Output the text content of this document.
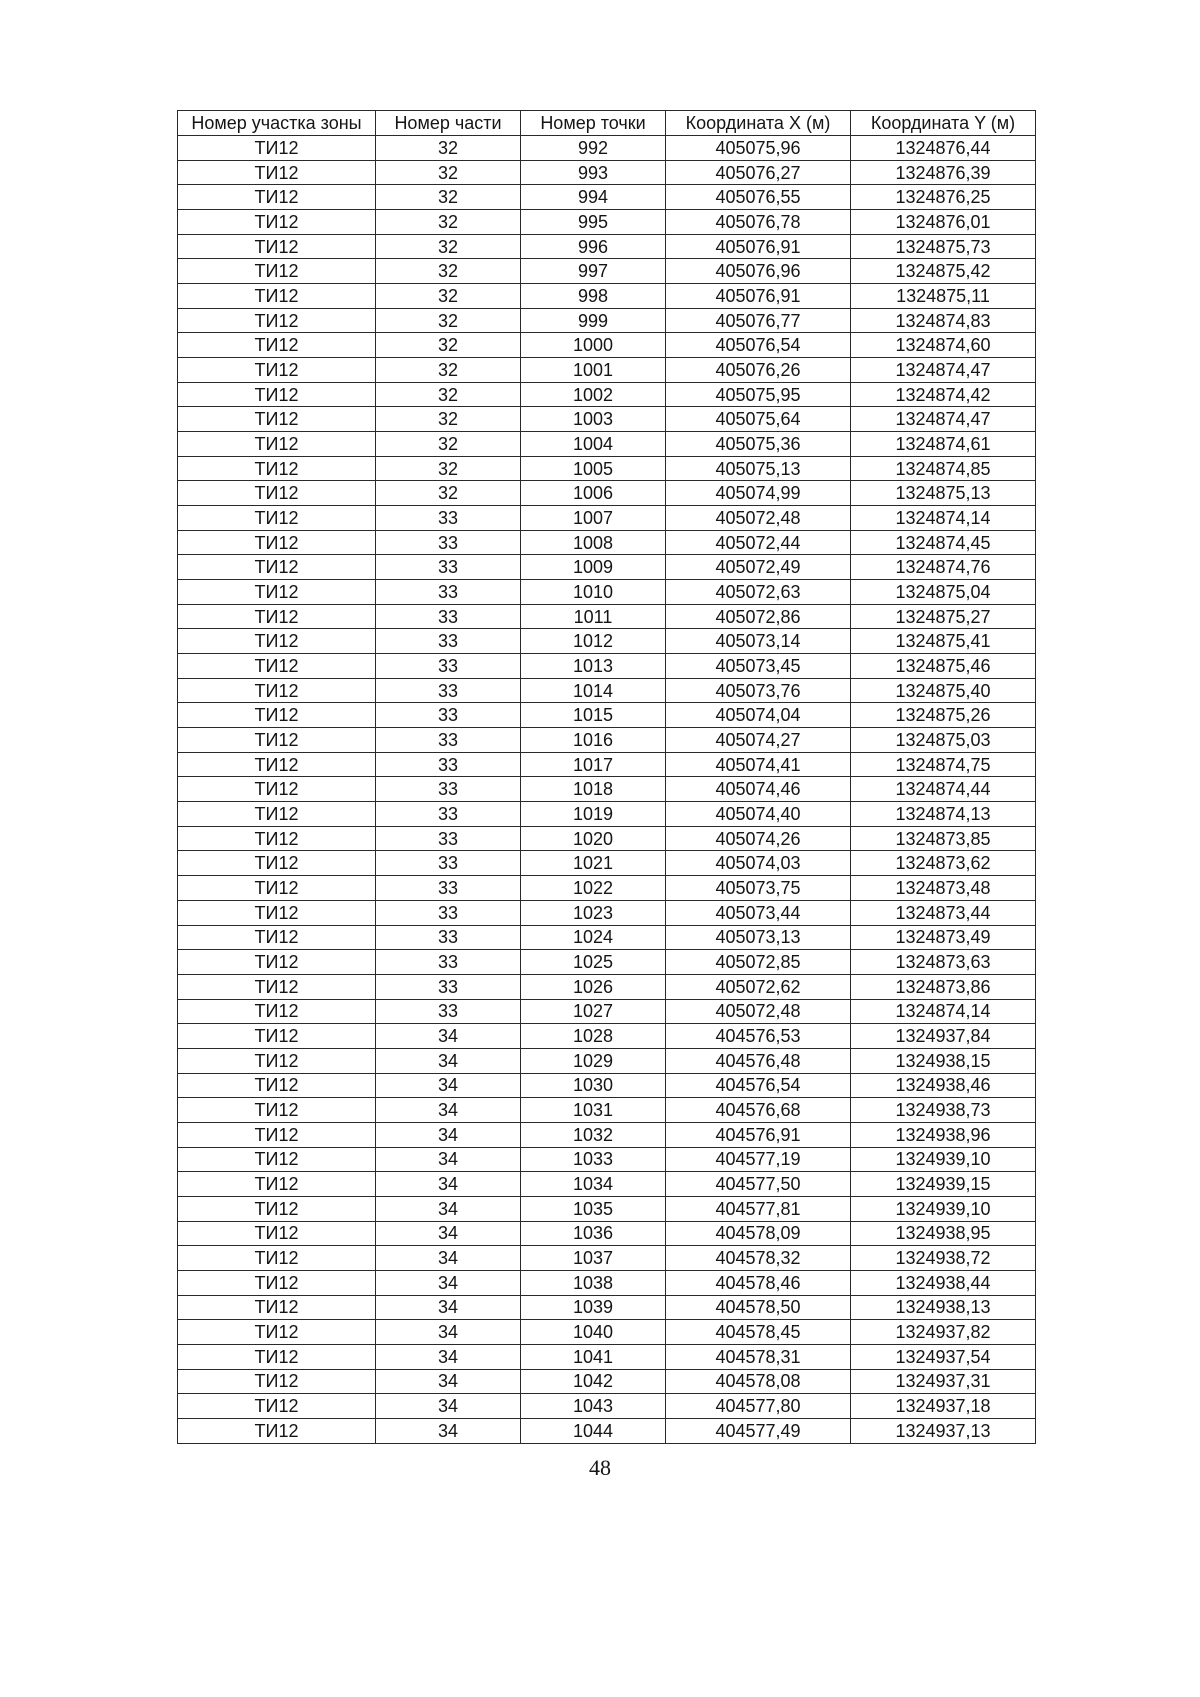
Номер участка зоны	Номер части	Номер точки	Координата X (м)	Координата Y (м)
ТИ12	32	992	405075,96	1324876,44
ТИ12	32	993	405076,27	1324876,39
ТИ12	32	994	405076,55	1324876,25
ТИ12	32	995	405076,78	1324876,01
ТИ12	32	996	405076,91	1324875,73
ТИ12	32	997	405076,96	1324875,42
ТИ12	32	998	405076,91	1324875,11
ТИ12	32	999	405076,77	1324874,83
ТИ12	32	1000	405076,54	1324874,60
ТИ12	32	1001	405076,26	1324874,47
ТИ12	32	1002	405075,95	1324874,42
ТИ12	32	1003	405075,64	1324874,47
ТИ12	32	1004	405075,36	1324874,61
ТИ12	32	1005	405075,13	1324874,85
ТИ12	32	1006	405074,99	1324875,13
ТИ12	33	1007	405072,48	1324874,14
ТИ12	33	1008	405072,44	1324874,45
ТИ12	33	1009	405072,49	1324874,76
ТИ12	33	1010	405072,63	1324875,04
ТИ12	33	1011	405072,86	1324875,27
ТИ12	33	1012	405073,14	1324875,41
ТИ12	33	1013	405073,45	1324875,46
ТИ12	33	1014	405073,76	1324875,40
ТИ12	33	1015	405074,04	1324875,26
ТИ12	33	1016	405074,27	1324875,03
ТИ12	33	1017	405074,41	1324874,75
ТИ12	33	1018	405074,46	1324874,44
ТИ12	33	1019	405074,40	1324874,13
ТИ12	33	1020	405074,26	1324873,85
ТИ12	33	1021	405074,03	1324873,62
ТИ12	33	1022	405073,75	1324873,48
ТИ12	33	1023	405073,44	1324873,44
ТИ12	33	1024	405073,13	1324873,49
ТИ12	33	1025	405072,85	1324873,63
ТИ12	33	1026	405072,62	1324873,86
ТИ12	33	1027	405072,48	1324874,14
ТИ12	34	1028	404576,53	1324937,84
ТИ12	34	1029	404576,48	1324938,15
ТИ12	34	1030	404576,54	1324938,46
ТИ12	34	1031	404576,68	1324938,73
ТИ12	34	1032	404576,91	1324938,96
ТИ12	34	1033	404577,19	1324939,10
ТИ12	34	1034	404577,50	1324939,15
ТИ12	34	1035	404577,81	1324939,10
ТИ12	34	1036	404578,09	1324938,95
ТИ12	34	1037	404578,32	1324938,72
ТИ12	34	1038	404578,46	1324938,44
ТИ12	34	1039	404578,50	1324938,13
ТИ12	34	1040	404578,45	1324937,82
ТИ12	34	1041	404578,31	1324937,54
ТИ12	34	1042	404578,08	1324937,31
ТИ12	34	1043	404577,80	1324937,18
ТИ12	34	1044	404577,49	1324937,13
48
